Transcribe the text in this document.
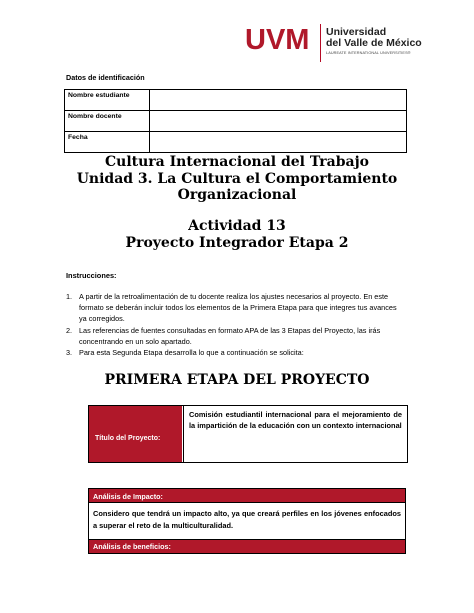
UVM Universidad
del Valle de México
LAUREATE INTERNATIONAL UNIVERSITIES®
Datos de identificación
Nombre estudiante	
Nombre docente	
Fecha	
Cultura Internacional del Trabajo
Unidad 3. La Cultura el Comportamiento
Organizacional
Actividad 13
Proyecto Integrador Etapa 2
Instrucciones:
1. A partir de la retroalimentación de tu docente realiza los ajustes necesarios al proyecto. En este formato se deberán incluir todos los elementos de la Primera Etapa para que integres tus avances ya corregidos.
2. Las referencias de fuentes consultadas en formato APA de las 3 Etapas del Proyecto, las irás concentrando en un solo apartado.
3. Para esta Segunda Etapa desarrolla lo que a continuación se solicita:
PRIMERA ETAPA DEL PROYECTO
Título del Proyecto:
Comisión estudiantil internacional para el mejoramiento de la impartición de la educación con un contexto internacional
Análisis de Impacto:
Considero que tendrá un impacto alto, ya que creará perfiles en los jóvenes enfocados a superar el reto de la multiculturalidad.
Análisis de beneficios:
